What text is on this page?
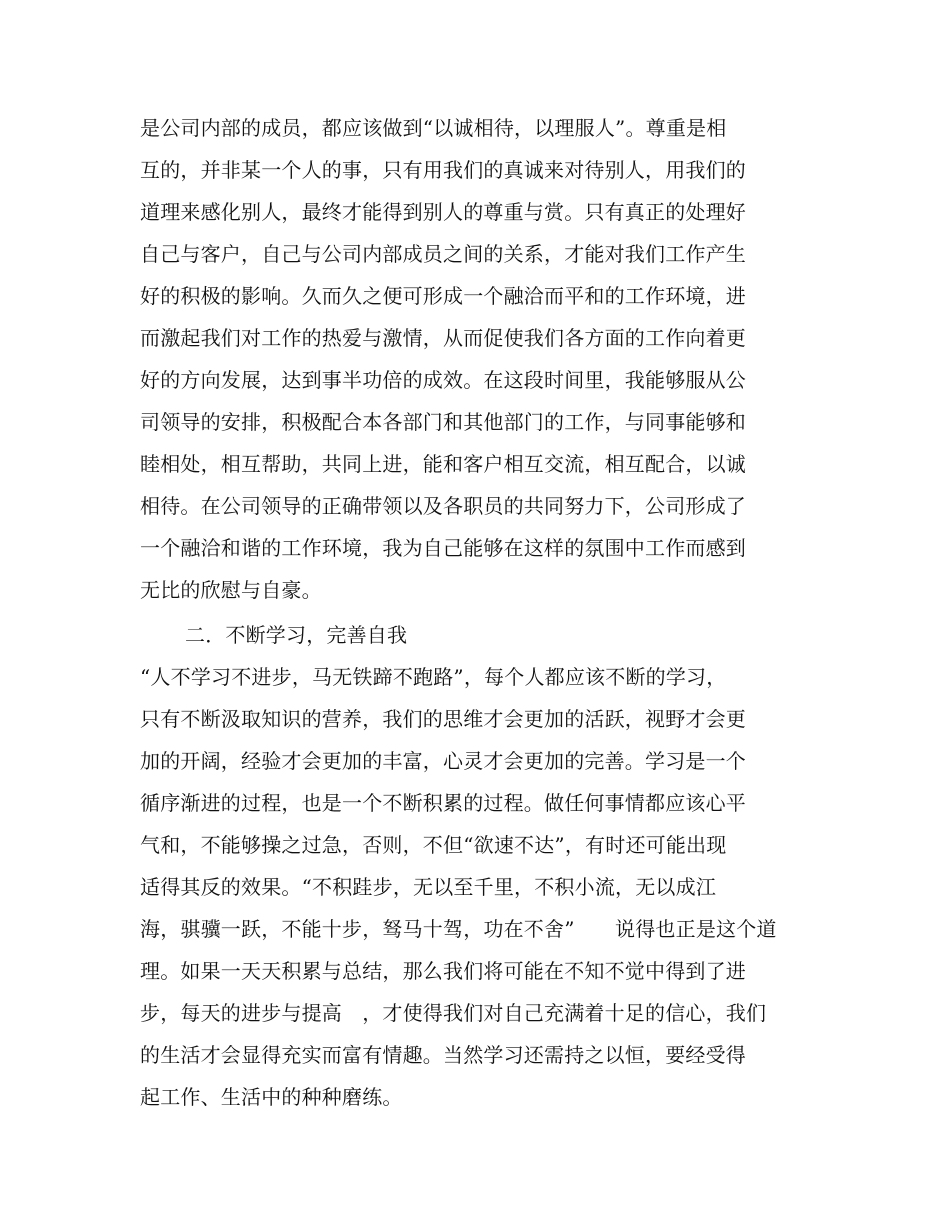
是公司内部的成员，都应该做到“以诚相待，以理服人”。尊重是相
互的，并非某一个人的事，只有用我们的真诚来对待别人，用我们的
道理来感化别人，最终才能得到别人的尊重与赏。只有真正的处理好
自己与客户，自己与公司内部成员之间的关系，才能对我们工作产生
好的积极的影响。久而久之便可形成一个融洽而平和的工作环境，进
而激起我们对工作的热爱与激情，从而促使我们各方面的工作向着更
好的方向发展，达到事半功倍的成效。在这段时间里，我能够服从公
司领导的安排，积极配合本各部门和其他部门的工作，与同事能够和
睦相处，相互帮助，共同上进，能和客户相互交流，相互配合，以诚
相待。在公司领导的正确带领以及各职员的共同努力下，公司形成了
一个融洽和谐的工作环境，我为自己能够在这样的氛围中工作而感到
无比的欣慰与自豪。
二．不断学习，完善自我
“人不学习不进步，马无铁蹄不跑路”，每个人都应该不断的学习，
只有不断汲取知识的营养，我们的思维才会更加的活跃，视野才会更
加的开阔，经验才会更加的丰富，心灵才会更加的完善。学习是一个
循序渐进的过程，也是一个不断积累的过程。做任何事情都应该心平
气和，不能够操之过急，否则，不但“欲速不达”，有时还可能出现
适得其反的效果。“不积跬步，无以至千里，不积小流，无以成江
海，骐骥一跃，不能十步，驽马十驾，功在不舍”　　说得也正是这个道
理。如果一天天积累与总结，那么我们将可能在不知不觉中得到了进
步，每天的进步与提高　，才使得我们对自己充满着十足的信心，我们
的生活才会显得充实而富有情趣。当然学习还需持之以恒，要经受得
起工作、生活中的种种磨练。
